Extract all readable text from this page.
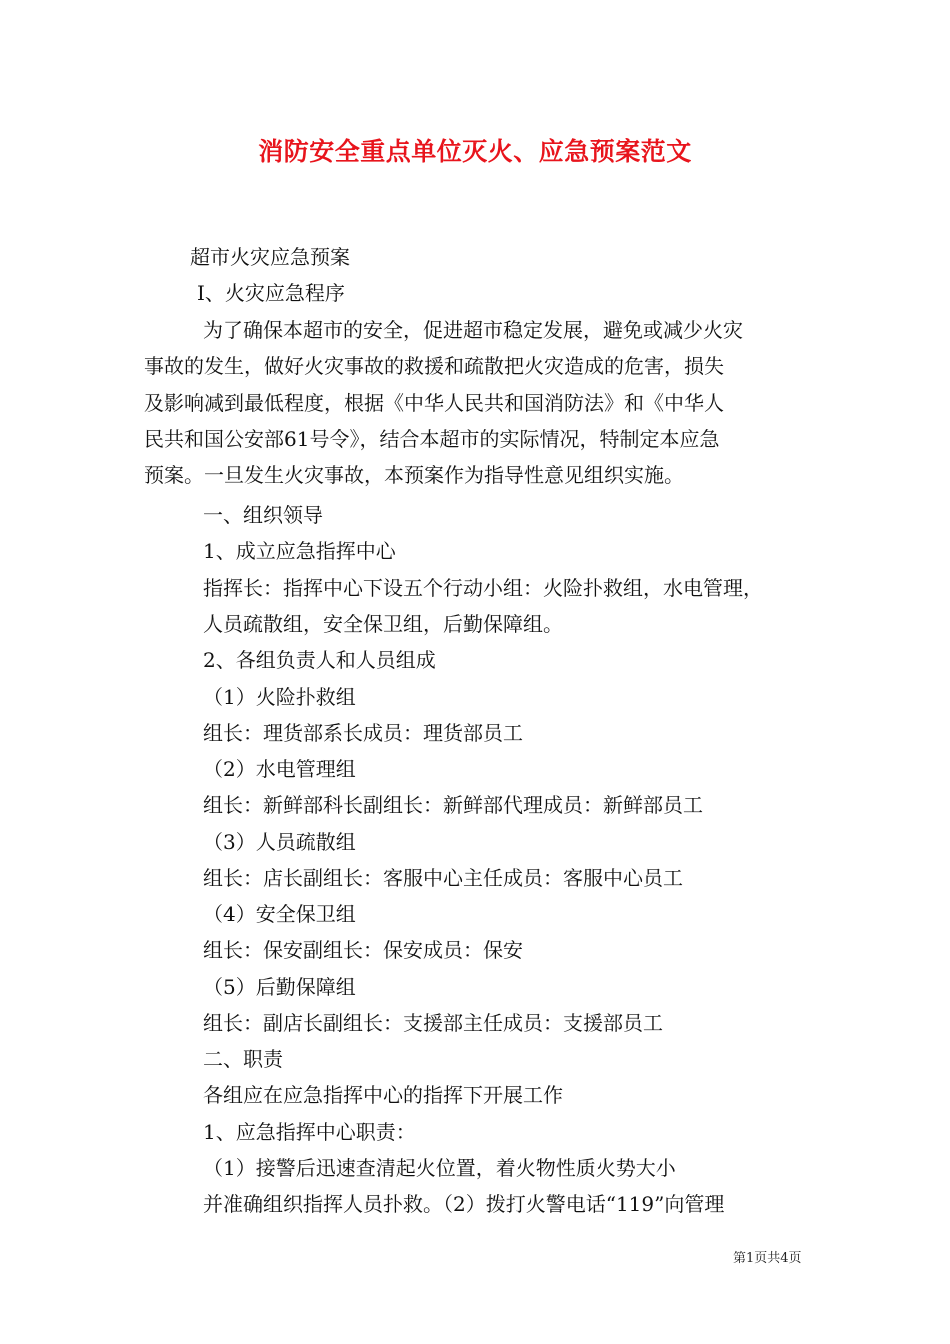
消防安全重点单位灭火、应急预案范文
超市火灾应急预案
Ⅰ、火灾应急程序
为了确保本超市的安全，促进超市稳定发展，避免或减少火灾
事故的发生，做好火灾事故的救援和疏散把火灾造成的危害，损失
及影响减到最低程度，根据《中华人民共和国消防法》和《中华人
民共和国公安部61号令》，结合本超市的实际情况，特制定本应急
预案。一旦发生火灾事故，本预案作为指导性意见组织实施。
一、组织领导
1、成立应急指挥中心
指挥长：指挥中心下设五个行动小组：火险扑救组，水电管理，
人员疏散组，安全保卫组，后勤保障组。
2、各组负责人和人员组成
（1）火险扑救组
组长：理货部系长成员：理货部员工
（2）水电管理组
组长：新鲜部科长副组长：新鲜部代理成员：新鲜部员工
（3）人员疏散组
组长：店长副组长：客服中心主任成员：客服中心员工
（4）安全保卫组
组长：保安副组长：保安成员：保安
（5）后勤保障组
组长：副店长副组长：支援部主任成员：支援部员工
二、职责
各组应在应急指挥中心的指挥下开展工作
1、应急指挥中心职责：
（1）接警后迅速查清起火位置，着火物性质火势大小
并准确组织指挥人员扑救。（2）拨打火警电话“119”向管理
第1页共4页
